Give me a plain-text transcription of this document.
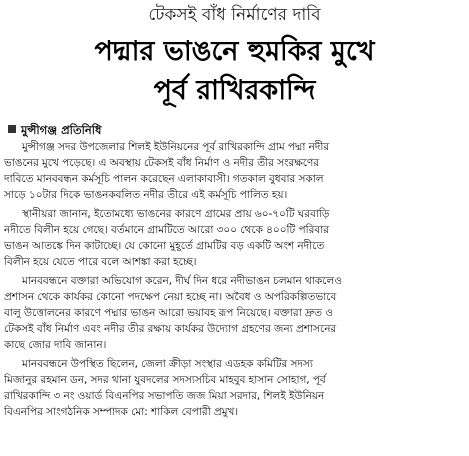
টেকসই বাঁধ নির্মাণের দাবি
পদ্মার ভাঙনে হুমকির মুখে
পূর্ব রাখিরকান্দি
মুন্সীগঞ্জ প্রতিনিধি
মুন্সীগঞ্জ সদর উপজেলার শিলই ইউনিয়নের পূর্ব রাখিরকান্দি গ্রাম পদ্মা নদীর
ভাঙনের মুখে পড়েছে। এ অবস্থায় টেকসই বাঁধ নির্মাণ ও নদীর তীর সংরক্ষণের
দাবিতে মানববন্ধন কর্মসূচি পালন করেছেন এলাকাবাসী। গতকাল বুধবার সকাল
সাড়ে ১০টার দিকে ভাঙনকবলিত নদীর তীরে এই কর্মসূচি পালিত হয়।
স্থানীয়রা জানান, ইতোমধ্যে ভাঙনের কারণে গ্রামের প্রায় ৬০-৭০টি ঘরবাড়ি
নদীতে বিলীন হয়ে গেছে। বর্তমানে গ্রামটিতে আরো ৩০০ থেকে ৪০০টি পরিবার
ভাঙন আতঙ্কে দিন কাটাচ্ছে। যে কোনো মুহূর্তে গ্রামটির বড় একটি অংশ নদীতে
বিলীন হয়ে যেতে পারে বলে আশঙ্কা করা হচ্ছে।
মানববন্ধনে বক্তারা অভিযোগ করেন, দীর্ঘ দিন ধরে নদীভাঙন চলমান থাকলেও
প্রশাসন থেকে কার্যকর কোনো পদক্ষেপ নেয়া হচ্ছে না। অবৈধ ও অপরিকল্পিতভাবে
বালু উত্তোলনের কারণে পদ্মার ভাঙন আরো ভয়াবহ রূপ নিয়েছে। বক্তারা দ্রুত ও
টেকসই বাঁধ নির্মাণ এবং নদীর তীর রক্ষায় কার্যকর উদ্যোগ গ্রহণের জন্য প্রশাসনের
কাছে জোর দাবি জানান।
মানববন্ধনে উপস্থিত ছিলেন, জেলা ক্রীড়া সংস্থার এডহক কমিটির সদস্য
মিজানুর রহমান ডন, সদর থানা যুবদলের সদস্যসচিব মাহবুব হাসান সোহাগ, পূর্ব
রাখিরকান্দি ৩ নং ওয়ার্ড বিএনপির সভাপতি জজ মিয়া সরদার, শিলই ইউনিয়ন
বিএনপির সাংগঠনিক সম্পাদক মো: শাকিল বেপারী প্রমুখ।
